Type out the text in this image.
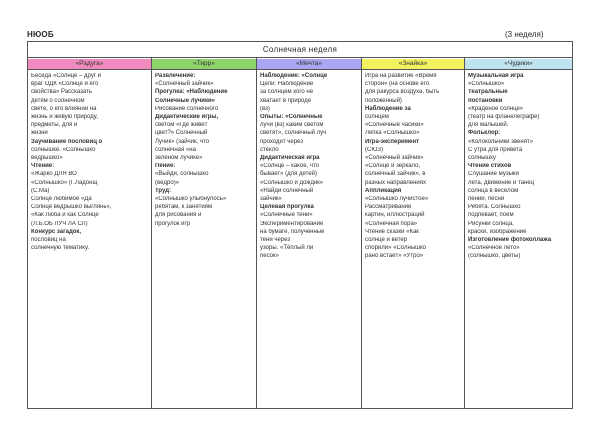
НЮОБ	(3 неделя)
Солнечная неделя
«Радуга»

Беседа «Солнце – друг и

враг ОДК «Солнце и его

свойства» Рассказать

детям о солнечном

свете, о его влиянии на

жизнь и живую природу,

предметы, для и

жизни

Заучивание пословиц о

солнышке. «Солнышко

ведрышко»

Чтение:

«Жарко ДЛЯ ВО

«Солнышко» (Г.Ладонщ

(С.Ма)

Солнце любимое «Да

Солнце ведрышко выглянь»,

«Как Люба и как Солнце

(Л.Б.ОБ ЛУЧ ЛА СЛ)

Конкурс загадок,

пословиц на

солнечную тематику.

«Тирр»

Развлечение:

«Солнечный зайчик»

Прогулка: «Наблюдение

Солнечные лучики»

Рисование солнечного

Дидактические игры,

светом «Где живёт

цвет?» Солнечный

Лучик» (зайчик, что

солнечная «на

зелёном лучике»

Пение:

«Выйди, солнышко

(вёдро)»

Труд:

«Солнышко улыбнулось»

ребятам, к занятиям

для рисования и

прогулок игр

«Мечта»

Наблюдение: «Солнце

Цели: Наблюдение

за солнцем кого не

хватает в природе

(вз)

Опыты: «Солнечные

лучи (вз) каким светом

светят», солнечный луч

проходит через

стекло

Дидактическая игра

«Солнце – какое, что

бывает» (для детей)

«Солнышко и дождик»

«Найди солнечный

зайчик»

Целевая прогулка

«Солнечные тени»

Экспериментирование

на бумаге, полученные

тени через

узоры. «Тёплый ли

песок»

«Знайка»

Игра на развитие «Время

сторон» (на основе его

для ракурса воздуха, быть

положенный)

Наблюдение за

солнцем

«Солнечные часики»

Лепка «Солнышко»

Игра-эксперимент

(СЮЗ)

«Солнечный зайчик»

«Солнце и зеркало,

солнечный зайчик», в

разных направлениях

Аппликация

«Солнышко лучистое»

Рассматривание

картин, иллюстраций

«Солнечная пора»

Чтение сказки «Как

солнце и ветер

спорили» «Солнышко

рано встаёт» «Утро»

«Чудики»

Музыкальная игра

«Солнышко»

Театральные

постановки

«Краденое солнце»

(театр на фланелеграфе)

для малышей.

Фольклор:

«Колокольчики звенят»

С утра для привета

солнышку

Чтение стихов

Слушание музыки

лета, движение и танец

солнца в весёлом

пении, песни

Ребята. Солнышко

подпевает, поём

Рисунки солнца,

краски, изображение

Изготовление фотоколлажа

«Солнечное лето»

(солнышко, цветы)
